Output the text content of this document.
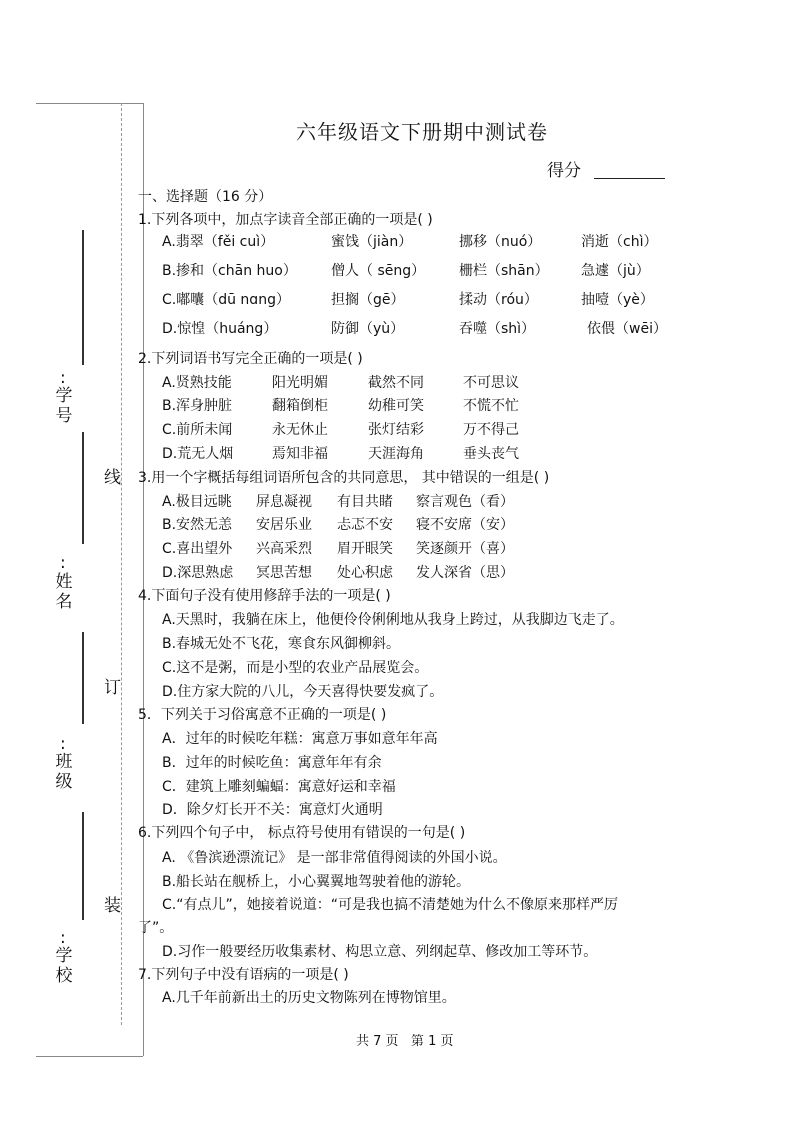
:
学号
:
姓名
:
班级
:
学校
线
订
装
六年级语文下册期中测试卷
得分
一、选择题（16 分）
1.下列各项中，加点字读音全部正确的一项是( )
A.翡翠（fěi cuì）	蜜饯（jiàn）	挪移（nuó）	消逝（chì）
B.掺和（chān huo） 僧人（ sēng） 栅栏（shān） 急遽（jù）
C.嘟囔（dū nɑng）	担搁（gē）	揉动（róu）	抽噎（yè）
D.惊惶（huáng）	防御（yù）	吞噬（shì）	依偎（wēi）
2.下列词语书写完全正确的一项是( )
A.贤熟技能	阳光明媚	截然不同	不可思议
B.浑身肿脏	翻箱倒柜	幼稚可笑	不慌不忙
C.前所未闻	永无休止	张灯结彩	万不得己
D.荒无人烟	焉知非福	天涯海角	垂头丧气
3.用一个字概括每组词语所包含的共同意思， 其中错误的一组是( )
A.极目远眺 屏息凝视 有目共睹 察言观色（看）
B.安然无恙 安居乐业 忐忑不安 寝不安席（安）
C.喜出望外 兴高采烈 眉开眼笑 笑逐颜开（喜）
D.深思熟虑 冥思苦想 处心积虑 发人深省（思）
4.下面句子没有使用修辞手法的一项是( )
A.天黑时，我躺在床上，他便伶伶俐俐地从我身上跨过，从我脚边飞走了。
B.春城无处不飞花，寒食东风御柳斜。
C.这不是粥，而是小型的农业产品展览会。
D.住方家大院的八儿，今天喜得快要发疯了。
5．下列关于习俗寓意不正确的一项是( )
A．过年的时候吃年糕：寓意万事如意年年高
B．过年的时候吃鱼：寓意年年有余
C．建筑上雕刻蝙蝠：寓意好运和幸福
D．除夕灯长开不关：寓意灯火通明
6.下列四个句子中， 标点符号使用有错误的一句是( )
A. 《鲁滨逊漂流记》 是一部非常值得阅读的外国小说。
B.船长站在舰桥上，小心翼翼地驾驶着他的游轮。
C.“有点儿”，她接着说道：“可是我也搞不清楚她为什么不像原来那样严厉
了”。
D.习作一般要经历收集素材、构思立意、列纲起草、修改加工等环节。
7.下列句子中没有语病的一项是( )
A.几千年前新出土的历史文物陈列在博物馆里。
共 7 页   第 1 页
